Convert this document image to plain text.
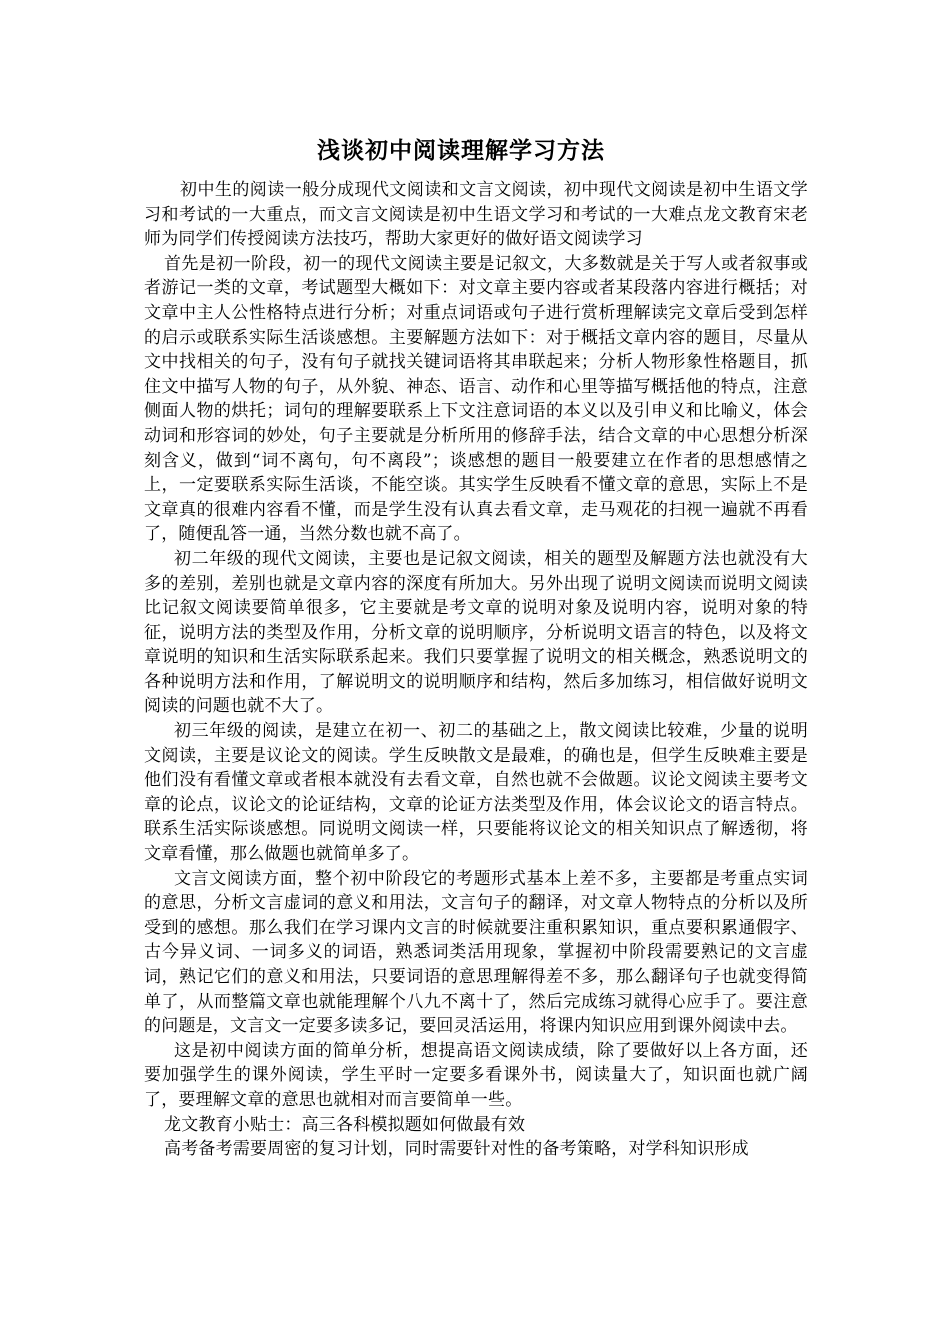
浅谈初中阅读理解学习方法

初中生的阅读一般分成现代文阅读和文言文阅读，初中现代文阅读是初中生语文学习和考试的一大重点，而文言文阅读是初中生语文学习和考试的一大难点龙文教育宋老师为同学们传授阅读方法技巧，帮助大家更好的做好语文阅读学习

首先是初一阶段，初一的现代文阅读主要是记叙文，大多数就是关于写人或者叙事或者游记一类的文章，考试题型大概如下：对文章主要内容或者某段落内容进行概括；对文章中主人公性格特点进行分析；对重点词语或句子进行赏析理解读完文章后受到怎样的启示或联系实际生活谈感想。主要解题方法如下：对于概括文章内容的题目，尽量从文中找相关的句子，没有句子就找关键词语将其串联起来；分析人物形象性格题目，抓住文中描写人物的句子，从外貌、神态、语言、动作和心里等描写概括他的特点，注意侧面人物的烘托；词句的理解要联系上下文注意词语的本义以及引申义和比喻义，体会动词和形容词的妙处，句子主要就是分析所用的修辞手法，结合文章的中心思想分析深刻含义，做到“词不离句，句不离段”；谈感想的题目一般要建立在作者的思想感情之上，一定要联系实际生活谈，不能空谈。其实学生反映看不懂文章的意思，实际上不是文章真的很难内容看不懂，而是学生没有认真去看文章，走马观花的扫视一遍就不再看了，随便乱答一通，当然分数也就不高了。

初二年级的现代文阅读，主要也是记叙文阅读，相关的题型及解题方法也就没有大多的差别，差别也就是文章内容的深度有所加大。另外出现了说明文阅读而说明文阅读比记叙文阅读要简单很多，它主要就是考文章的说明对象及说明内容，说明对象的特征，说明方法的类型及作用，分析文章的说明顺序，分析说明文语言的特色，以及将文章说明的知识和生活实际联系起来。我们只要掌握了说明文的相关概念，熟悉说明文的各种说明方法和作用，了解说明文的说明顺序和结构，然后多加练习，相信做好说明文阅读的问题也就不大了。

初三年级的阅读，是建立在初一、初二的基础之上，散文阅读比较难，少量的说明文阅读，主要是议论文的阅读。学生反映散文是最难，的确也是，但学生反映难主要是他们没有看懂文章或者根本就没有去看文章，自然也就不会做题。议论文阅读主要考文章的论点，议论文的论证结构，文章的论证方法类型及作用，体会议论文的语言特点。联系生活实际谈感想。同说明文阅读一样，只要能将议论文的相关知识点了解透彻，将文章看懂，那么做题也就简单多了。

文言文阅读方面，整个初中阶段它的考题形式基本上差不多，主要都是考重点实词的意思，分析文言虚词的意义和用法，文言句子的翻译，对文章人物特点的分析以及所受到的感想。那么我们在学习课内文言的时候就要注重积累知识，重点要积累通假字、古今异义词、一词多义的词语，熟悉词类活用现象，掌握初中阶段需要熟记的文言虚词，熟记它们的意义和用法，只要词语的意思理解得差不多，那么翻译句子也就变得简单了，从而整篇文章也就能理解个八九不离十了，然后完成练习就得心应手了。要注意的问题是，文言文一定要多读多记，要回灵活运用，将课内知识应用到课外阅读中去。

这是初中阅读方面的简单分析，想提高语文阅读成绩，除了要做好以上各方面，还要加强学生的课外阅读，学生平时一定要多看课外书，阅读量大了，知识面也就广阔了，要理解文章的意思也就相对而言要简单一些。

龙文教育小贴士：高三各科模拟题如何做最有效

高考备考需要周密的复习计划，同时需要针对性的备考策略，对学科知识形成
